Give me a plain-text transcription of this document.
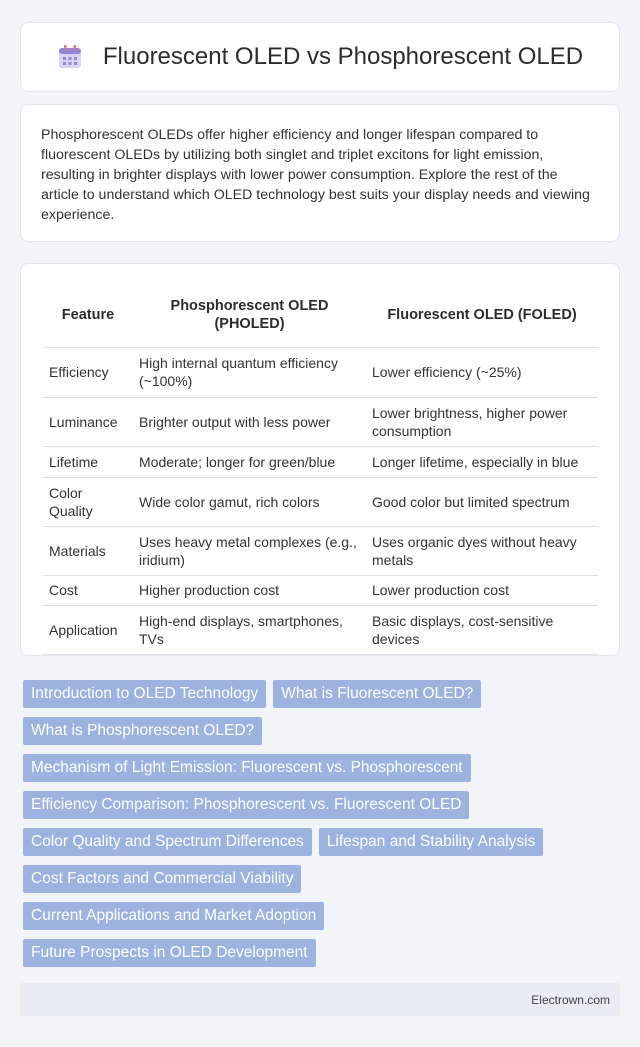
Fluorescent OLED vs Phosphorescent OLED

Phosphorescent OLEDs offer higher efficiency and longer lifespan compared to fluorescent OLEDs by utilizing both singlet and triplet excitons for light emission, resulting in brighter displays with lower power consumption. Explore the rest of the article to understand which OLED technology best suits your display needs and viewing experience.

Feature	Phosphorescent OLED (PHOLED)	Fluorescent OLED (FOLED)
Efficiency	High internal quantum efficiency (~100%)	Lower efficiency (~25%)
Luminance	Brighter output with less power	Lower brightness, higher power consumption
Lifetime	Moderate; longer for green/blue	Longer lifetime, especially in blue
Color Quality	Wide color gamut, rich colors	Good color but limited spectrum
Materials	Uses heavy metal complexes (e.g., iridium)	Uses organic dyes without heavy metals
Cost	Higher production cost	Lower production cost
Application	High-end displays, smartphones, TVs	Basic displays, cost-sensitive devices
Introduction to OLED Technology	What is Fluorescent OLED?
What is Phosphorescent OLED?
Mechanism of Light Emission: Fluorescent vs. Phosphorescent
Efficiency Comparison: Phosphorescent vs. Fluorescent OLED
Color Quality and Spectrum Differences	Lifespan and Stability Analysis
Cost Factors and Commercial Viability
Current Applications and Market Adoption
Future Prospects in OLED Development
Electrown.com
